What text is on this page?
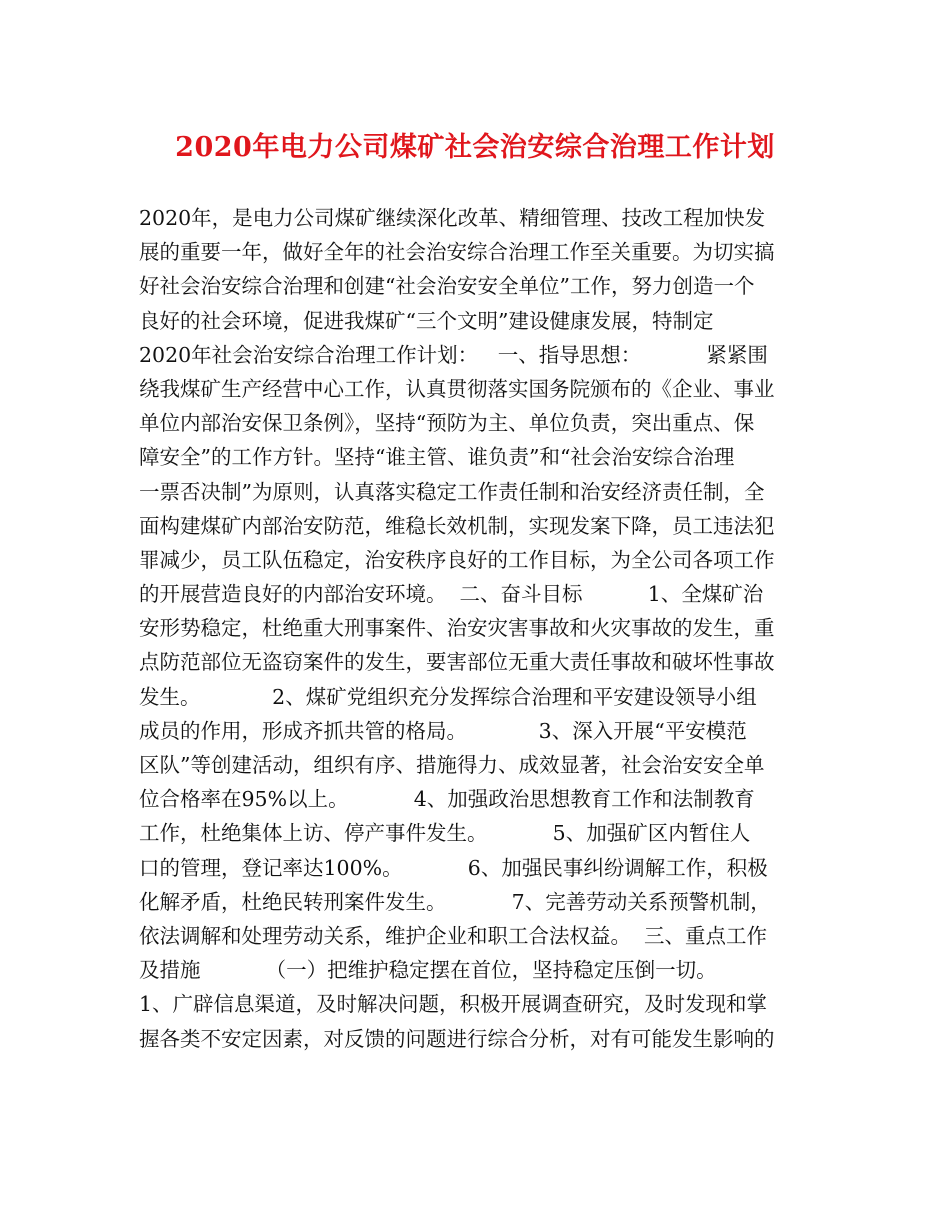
2020年电力公司煤矿社会治安综合治理工作计划
2020年，是电力公司煤矿继续深化改革、精细管理、技改工程加快发
展的重要一年，做好全年的社会治安综合治理工作至关重要。为切实搞
好社会治安综合治理和创建“社会治安安全单位”工作，努力创造一个
良好的社会环境，促进我煤矿“三个文明”建设健康发展，特制定
2020年社会治安综合治理工作计划：   一、指导思想：          紧紧围
绕我煤矿生产经营中心工作，认真贯彻落实国务院颁布的《企业、事业
单位内部治安保卫条例》，坚持“预防为主、单位负责，突出重点、保
障安全”的工作方针。坚持“谁主管、谁负责”和“社会治安综合治理
一票否决制”为原则，认真落实稳定工作责任制和治安经济责任制，全
面构建煤矿内部治安防范，维稳长效机制，实现发案下降，员工违法犯
罪减少，员工队伍稳定，治安秩序良好的工作目标，为全公司各项工作
的开展营造良好的内部治安环境。  二、奋斗目标          1、全煤矿治
安形势稳定，杜绝重大刑事案件、治安灾害事故和火灾事故的发生，重
点防范部位无盗窃案件的发生，要害部位无重大责任事故和破坏性事故
发生。           2、煤矿党组织充分发挥综合治理和平安建设领导小组
成员的作用，形成齐抓共管的格局。           3、深入开展“平安模范
区队”等创建活动，组织有序、措施得力、成效显著，社会治安安全单
位合格率在95%以上。          4、加强政治思想教育工作和法制教育
工作，杜绝集体上访、停产事件发生。          5、加强矿区内暂住人
口的管理，登记率达100%。          6、加强民事纠纷调解工作，积极
化解矛盾，杜绝民转刑案件发生。          7、完善劳动关系预警机制，
依法调解和处理劳动关系，维护企业和职工合法权益。  三、重点工作
及措施          （一）把维护稳定摆在首位，坚持稳定压倒一切。
1、广辟信息渠道，及时解决问题，积极开展调查研究，及时发现和掌
握各类不安定因素，对反馈的问题进行综合分析，对有可能发生影响的
